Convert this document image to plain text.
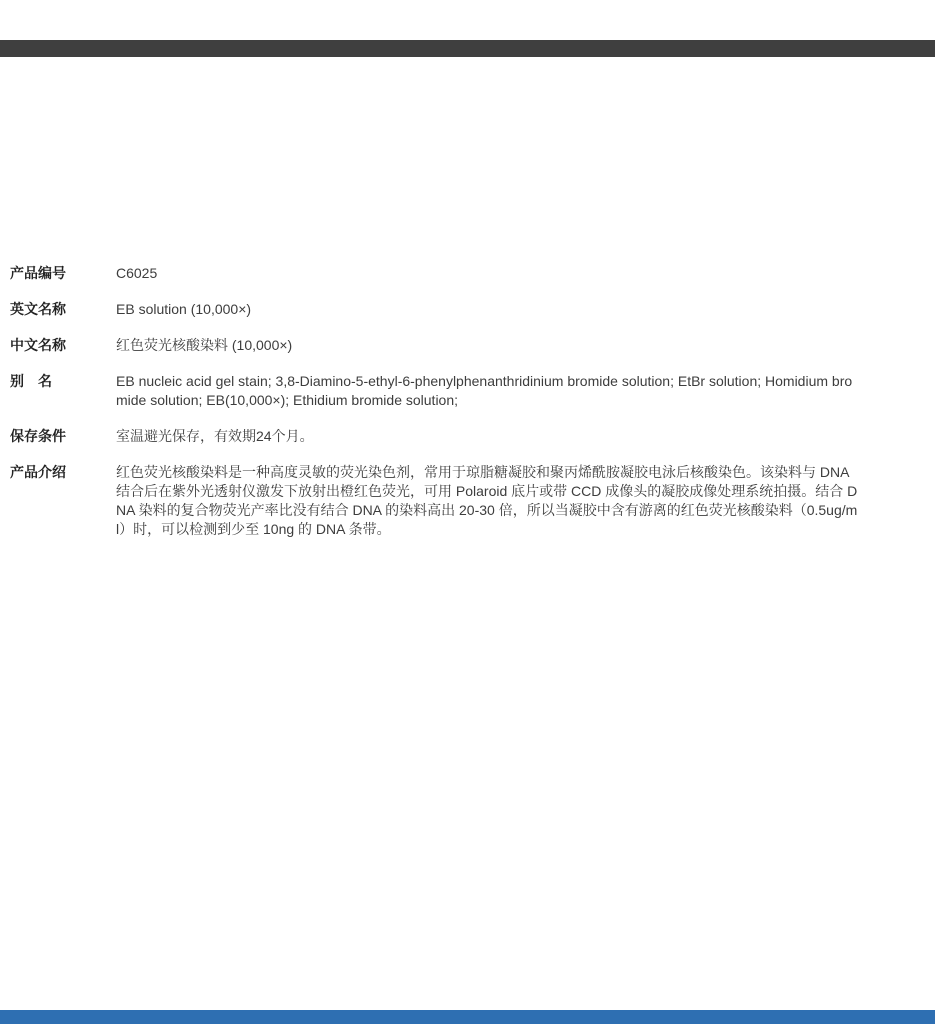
产品编号	C6025
英文名称	EB solution (10,000×)
中文名称	红色荧光核酸染料 (10,000×)
别　名	EB nucleic acid gel stain; 3,8-Diamino-5-ethyl-6-phenylphenanthridinium bromide solution; EtBr solution; Homidium bro
mide solution; EB(10,000×); Ethidium bromide solution;
保存条件	室温避光保存，有效期24个月。
产品介绍	红色荧光核酸染料是一种高度灵敏的荧光染色剂，常用于琼脂糖凝胶和聚丙烯酰胺凝胶电泳后核酸染色。该染料与 DNA
结合后在紫外光透射仪激发下放射出橙红色荧光，可用 Polaroid 底片或带 CCD 成像头的凝胶成像处理系统拍摄。结合 D
NA 染料的复合物荧光产率比没有结合 DNA 的染料高出 20-30 倍，所以当凝胶中含有游离的红色荧光核酸染料（0.5ug/m
l）时，可以检测到少至 10ng 的 DNA 条带。
